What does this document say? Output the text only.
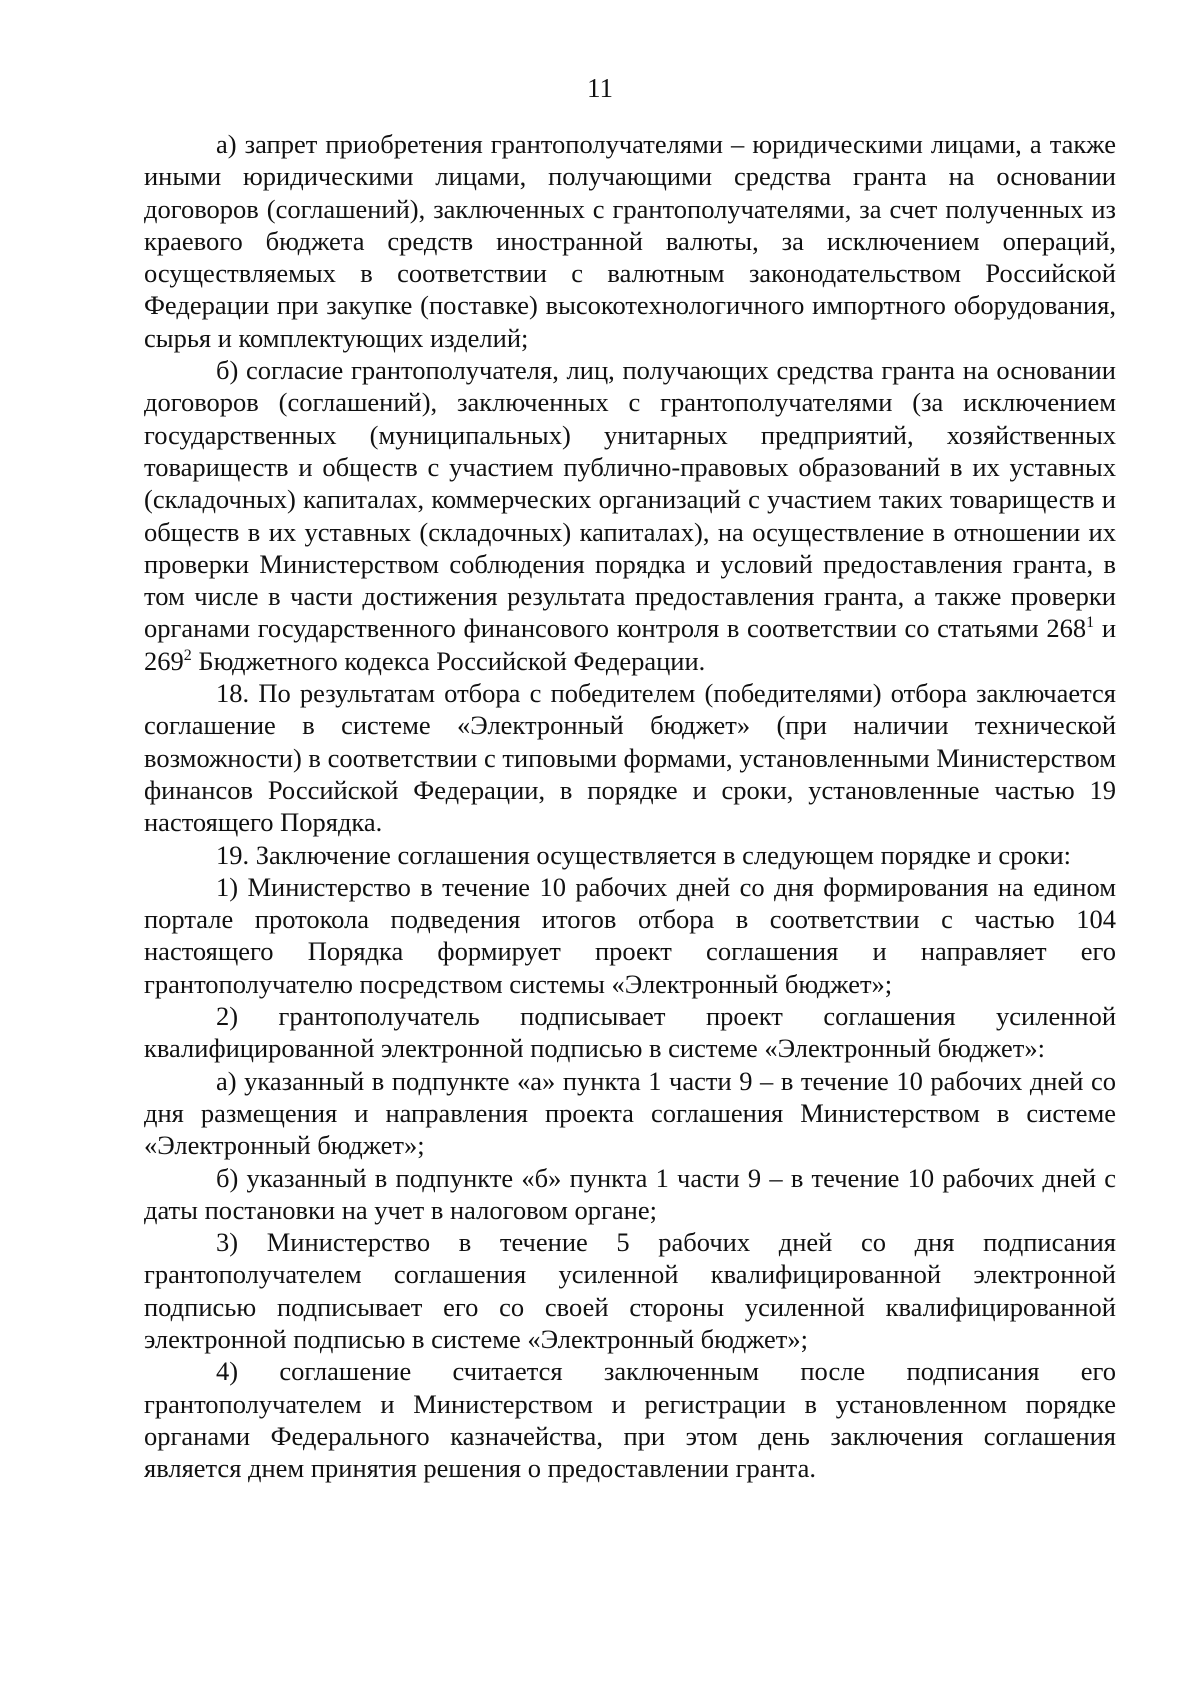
11

а) запрет приобретения грантополучателями – юридическими лицами, а также иными юридическими лицами, получающими средства гранта на основании договоров (соглашений), заключенных с грантополучателями, за счет полученных из краевого бюджета средств иностранной валюты, за исключением операций, осуществляемых в соответствии с валютным законодательством Российской Федерации при закупке (поставке) высокотехнологичного импортного оборудования, сырья и комплектующих изделий;

б) согласие грантополучателя, лиц, получающих средства гранта на основании договоров (соглашений), заключенных с грантополучателями (за исключением государственных (муниципальных) унитарных предприятий, хозяйственных товариществ и обществ с участием публично-правовых образований в их уставных (складочных) капиталах, коммерческих организаций с участием таких товариществ и обществ в их уставных (складочных) капиталах), на осуществление в отношении их проверки Министерством соблюдения порядка и условий предоставления гранта, в том числе в части достижения результата предоставления гранта, а также проверки органами государственного финансового контроля в соответствии со статьями $268^1$ и $269^2$ Бюджетного кодекса Российской Федерации.

18. По результатам отбора с победителем (победителями) отбора заключается соглашение в системе «Электронный бюджет» (при наличии технической возможности) в соответствии с типовыми формами, установленными Министерством финансов Российской Федерации, в порядке и сроки, установленные частью 19 настоящего Порядка.

19. Заключение соглашения осуществляется в следующем порядке и сроки:

1) Министерство в течение 10 рабочих дней со дня формирования на едином портале протокола подведения итогов отбора в соответствии с частью 104 настоящего Порядка формирует проект соглашения и направляет его грантополучателю посредством системы «Электронный бюджет»;

2) грантополучатель подписывает проект соглашения усиленной квалифицированной электронной подписью в системе «Электронный бюджет»:

а) указанный в подпункте «а» пункта 1 части 9 – в течение 10 рабочих дней со дня размещения и направления проекта соглашения Министерством в системе «Электронный бюджет»;

б) указанный в подпункте «б» пункта 1 части 9 – в течение 10 рабочих дней с даты постановки на учет в налоговом органе;

3) Министерство в течение 5 рабочих дней со дня подписания грантополучателем соглашения усиленной квалифицированной электронной подписью подписывает его со своей стороны усиленной квалифицированной электронной подписью в системе «Электронный бюджет»;

4) соглашение считается заключенным после подписания его грантополучателем и Министерством и регистрации в установленном порядке органами Федерального казначейства, при этом день заключения соглашения является днем принятия решения о предоставлении гранта.
